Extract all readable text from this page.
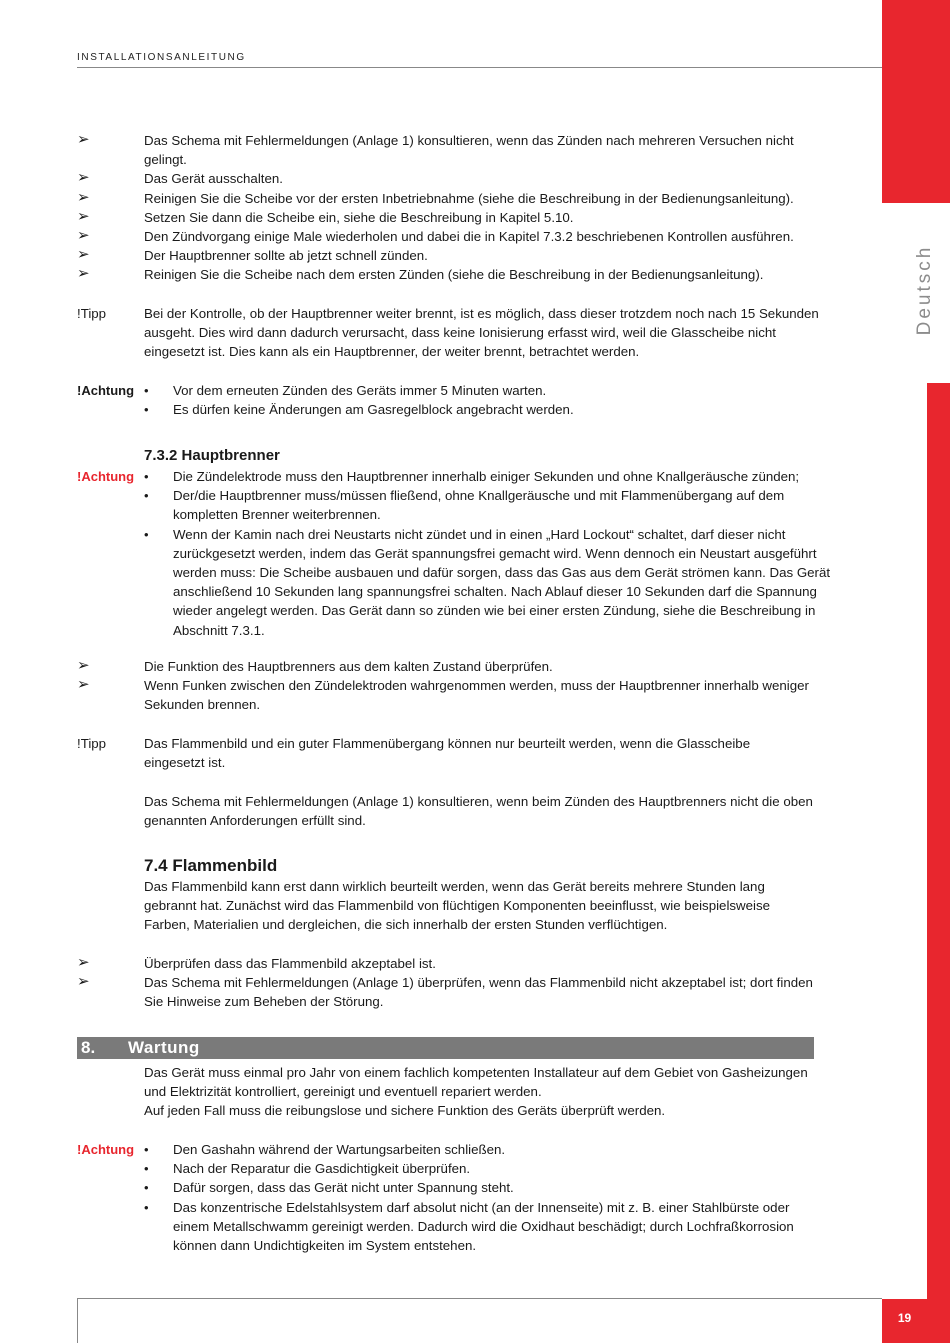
INSTALLATIONSANLEITUNG
Deutsch
19
8. Wartung
7.3.2 Hauptbrenner
7.4 Flammenbild
!Tipp
!Achtung
!Achtung
!Tipp
!Achtung
➢	Das Schema mit Fehlermeldungen (Anlage 1) konsultieren, wenn das Zünden nach mehreren Versuchen nicht
gelingt.
➢	Das Gerät ausschalten.
➢	Reinigen Sie die Scheibe vor der ersten Inbetriebnahme (siehe die Beschreibung in der Bedienungsanleitung).
➢	Setzen Sie dann die Scheibe ein, siehe die Beschreibung in Kapitel 5.10.
➢	Den Zündvorgang einige Male wiederholen und dabei die in Kapitel 7.3.2 beschriebenen Kontrollen ausführen.
➢	Der Hauptbrenner sollte ab jetzt schnell zünden.
➢	Reinigen Sie die Scheibe nach dem ersten Zünden (siehe die Beschreibung in der Bedienungsanleitung).
Bei der Kontrolle, ob der Hauptbrenner weiter brennt, ist es möglich, dass dieser trotzdem noch nach 15 Sekunden
ausgeht. Dies wird dann dadurch verursacht, dass keine Ionisierung erfasst wird, weil die Glasscheibe nicht
eingesetzt ist. Dies kann als ein Hauptbrenner, der weiter brennt, betrachtet werden.
• Vor dem erneuten Zünden des Geräts immer 5 Minuten warten.
• Es dürfen keine Änderungen am Gasregelblock angebracht werden.
• Die Zündelektrode muss den Hauptbrenner innerhalb einiger Sekunden und ohne Knallgeräusche zünden;
• Der/die Hauptbrenner muss/müssen fließend, ohne Knallgeräusche und mit Flammenübergang auf dem
kompletten Brenner weiterbrennen.
• Wenn der Kamin nach drei Neustarts nicht zündet und in einen „Hard Lockout“ schaltet, darf dieser nicht
zurückgesetzt werden, indem das Gerät spannungsfrei gemacht wird. Wenn dennoch ein Neustart ausgeführt
werden muss: Die Scheibe ausbauen und dafür sorgen, dass das Gas aus dem Gerät strömen kann. Das Gerät
anschließend 10 Sekunden lang spannungsfrei schalten. Nach Ablauf dieser 10 Sekunden darf die Spannung
wieder angelegt werden. Das Gerät dann so zünden wie bei einer ersten Zündung, siehe die Beschreibung in
Abschnitt 7.3.1.
➢	Die Funktion des Hauptbrenners aus dem kalten Zustand überprüfen.
➢	Wenn Funken zwischen den Zündelektroden wahrgenommen werden, muss der Hauptbrenner innerhalb weniger
Sekunden brennen.
Das Flammenbild und ein guter Flammenübergang können nur beurteilt werden, wenn die Glasscheibe
eingesetzt ist.
Das Schema mit Fehlermeldungen (Anlage 1) konsultieren, wenn beim Zünden des Hauptbrenners nicht die oben
genannten Anforderungen erfüllt sind.
Das Flammenbild kann erst dann wirklich beurteilt werden, wenn das Gerät bereits mehrere Stunden lang
gebrannt hat. Zunächst wird das Flammenbild von flüchtigen Komponenten beeinflusst, wie beispielsweise
Farben, Materialien und dergleichen, die sich innerhalb der ersten Stunden verflüchtigen.
➢	Überprüfen dass das Flammenbild akzeptabel ist.
➢	Das Schema mit Fehlermeldungen (Anlage 1) überprüfen, wenn das Flammenbild nicht akzeptabel ist; dort finden
Sie Hinweise zum Beheben der Störung.
Das Gerät muss einmal pro Jahr von einem fachlich kompetenten Installateur auf dem Gebiet von Gasheizungen
und Elektrizität kontrolliert, gereinigt und eventuell repariert werden.
Auf jeden Fall muss die reibungslose und sichere Funktion des Geräts überprüft werden.
• Den Gashahn während der Wartungsarbeiten schließen.
• Nach der Reparatur die Gasdichtigkeit überprüfen.
• Dafür sorgen, dass das Gerät nicht unter Spannung steht.
• Das konzentrische Edelstahlsystem darf absolut nicht (an der Innenseite) mit z. B. einer Stahlbürste oder
einem Metallschwamm gereinigt werden. Dadurch wird die Oxidhaut beschädigt; durch Lochfraßkorrosion
können dann Undichtigkeiten im System entstehen.
